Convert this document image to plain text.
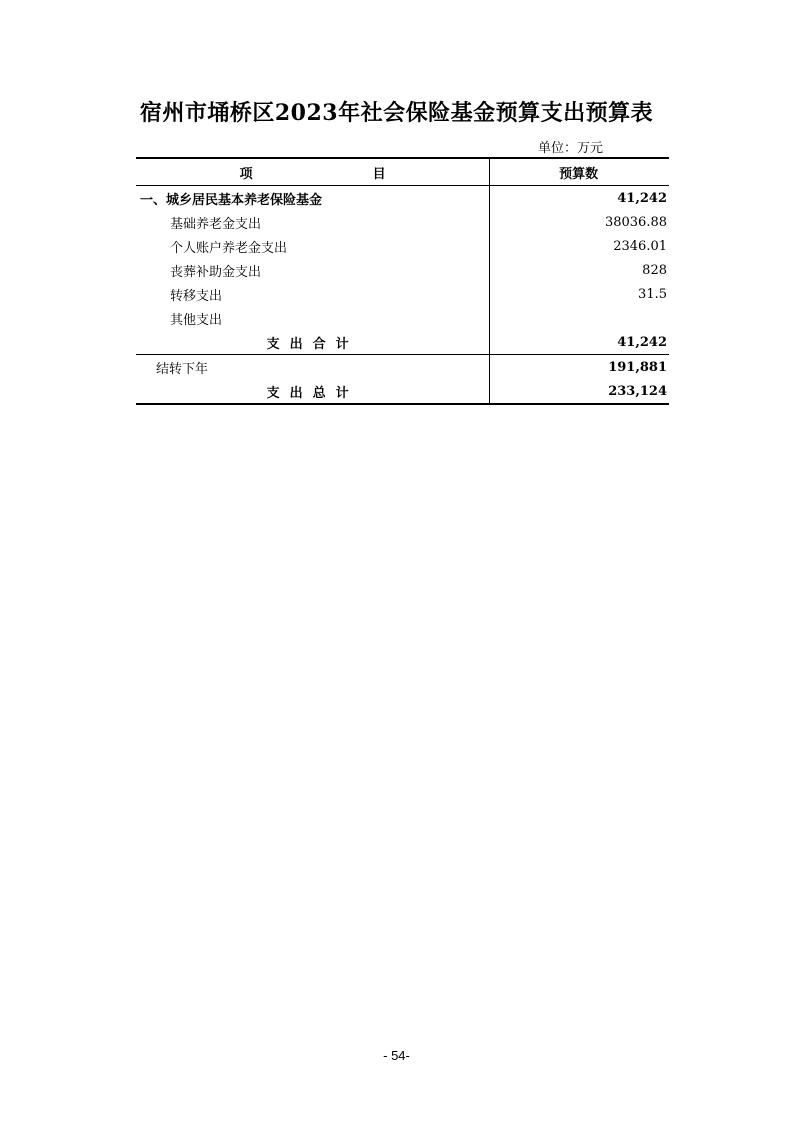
宿州市埇桥区2023年社会保险基金预算支出预算表
单位：万元
项 目	预算数
一、城乡居民基本养老保险基金	41,242
基础养老金支出	38036.88
个人账户养老金支出	2346.01
丧葬补助金支出	828
转移支出	31.5
其他支出	
支出合计	41,242
结转下年	191,881
支出总计	233,124
- 54-
